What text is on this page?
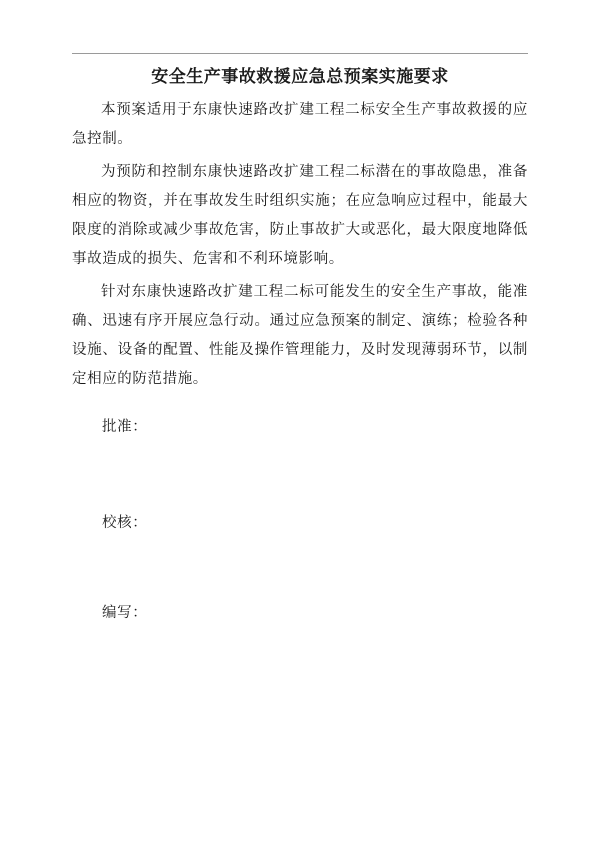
安全生产事故救援应急总预案实施要求

本预案适用于东康快速路改扩建工程二标安全生产事故救援的应急控制。

为预防和控制东康快速路改扩建工程二标潜在的事故隐患，准备相应的物资，并在事故发生时组织实施；在应急响应过程中，能最大限度的消除或减少事故危害，防止事故扩大或恶化，最大限度地降低事故造成的损失、危害和不利环境影响。

针对东康快速路改扩建工程二标可能发生的安全生产事故，能准确、迅速有序开展应急行动。通过应急预案的制定、演练；检验各种设施、设备的配置、性能及操作管理能力，及时发现薄弱环节，以制定相应的防范措施。

批准：
校核：
编写：
